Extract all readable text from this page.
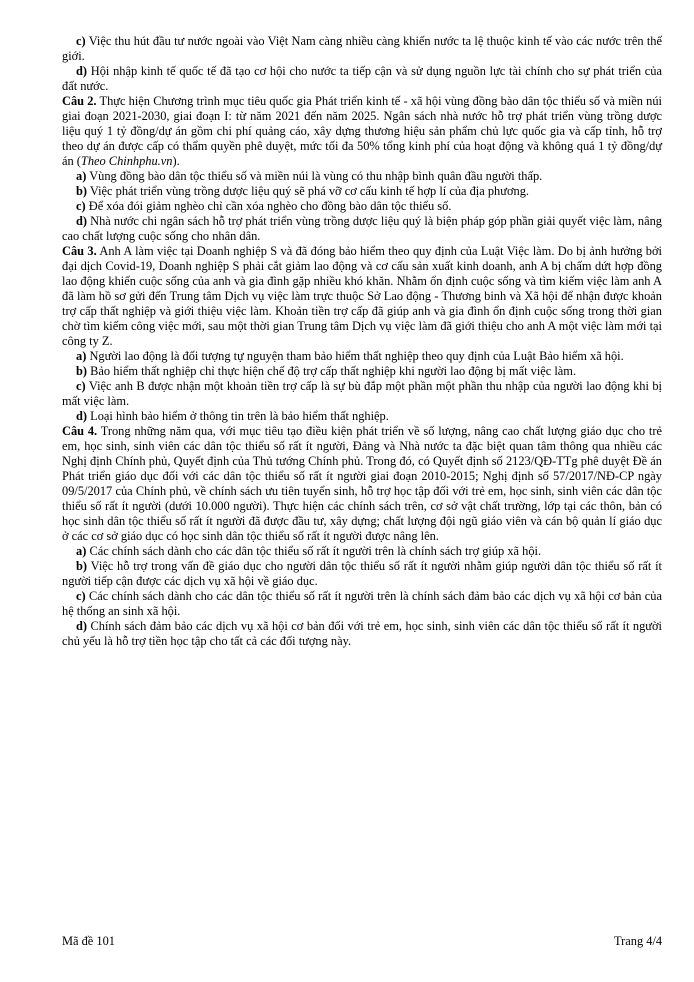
c) Việc thu hút đầu tư nước ngoài vào Việt Nam càng nhiều càng khiến nước ta lệ thuộc kinh tế vào các nước trên thế giới.

d) Hội nhập kinh tế quốc tế đã tạo cơ hội cho nước ta tiếp cận và sử dụng nguồn lực tài chính cho sự phát triển của đất nước.

Câu 2. Thực hiện Chương trình mục tiêu quốc gia Phát triển kinh tế - xã hội vùng đồng bào dân tộc thiểu số và miền núi giai đoạn 2021-2030, giai đoạn I: từ năm 2021 đến năm 2025. Ngân sách nhà nước hỗ trợ phát triển vùng trồng dược liệu quý 1 tỷ đồng/dự án gồm chi phí quảng cáo, xây dựng thương hiệu sản phẩm chủ lực quốc gia và cấp tỉnh, hỗ trợ theo dự án được cấp có thẩm quyền phê duyệt, mức tối đa 50% tổng kinh phí của hoạt động và không quá 1 tỷ đồng/dự án (Theo Chinhphu.vn).

a) Vùng đồng bào dân tộc thiểu số và miền núi là vùng có thu nhập bình quân đầu người thấp.

b) Việc phát triển vùng trồng dược liệu quý sẽ phá vỡ cơ cấu kinh tế hợp lí của địa phương.

c) Để xóa đói giảm nghèo chỉ cần xóa nghèo cho đồng bào dân tộc thiểu số.

d) Nhà nước chi ngân sách hỗ trợ phát triển vùng trồng dược liệu quý là biện pháp góp phần giải quyết việc làm, nâng cao chất lượng cuộc sống cho nhân dân.

Câu 3. Anh A làm việc tại Doanh nghiệp S và đã đóng bảo hiểm theo quy định của Luật Việc làm. Do bị ảnh hưởng bởi đại dịch Covid-19, Doanh nghiệp S phải cắt giảm lao động và cơ cấu sản xuất kinh doanh, anh A bị chấm dứt hợp đồng lao động khiến cuộc sống của anh và gia đình gặp nhiều khó khăn. Nhằm ổn định cuộc sống và tìm kiếm việc làm anh A đã làm hồ sơ gửi đến Trung tâm Dịch vụ việc làm trực thuộc Sở Lao động - Thương binh và Xã hội để nhận được khoản trợ cấp thất nghiệp và giới thiệu việc làm. Khoản tiền trợ cấp đã giúp anh và gia đình ổn định cuộc sống trong thời gian chờ tìm kiếm công việc mới, sau một thời gian Trung tâm Dịch vụ việc làm đã giới thiệu cho anh A một việc làm mới tại công ty Z.

a) Người lao động là đối tượng tự nguyện tham bảo hiểm thất nghiệp theo quy định của Luật Bảo hiểm xã hội.

b) Bảo hiểm thất nghiệp chỉ thực hiện chế độ trợ cấp thất nghiệp khi người lao động bị mất việc làm.

c) Việc anh B được nhận một khoản tiền trợ cấp là sự bù đắp một phần một phần thu nhập của người lao động khi bị mất việc làm.

d) Loại hình bảo hiểm ở thông tin trên là bảo hiểm thất nghiệp.

Câu 4. Trong những năm qua, với mục tiêu tạo điều kiện phát triển về số lượng, nâng cao chất lượng giáo dục cho trẻ em, học sinh, sinh viên các dân tộc thiểu số rất ít người, Đảng và Nhà nước ta đặc biệt quan tâm thông qua nhiều các Nghị định Chính phủ, Quyết định của Thủ tướng Chính phủ. Trong đó, có Quyết định số 2123/QĐ-TTg phê duyệt Đề án Phát triển giáo dục đối với các dân tộc thiểu số rất ít người giai đoạn 2010-2015; Nghị định số 57/2017/NĐ-CP ngày 09/5/2017 của Chính phủ, về chính sách ưu tiên tuyển sinh, hỗ trợ học tập đối với trẻ em, học sinh, sinh viên các dân tộc thiểu số rất ít người (dưới 10.000 người). Thực hiện các chính sách trên, cơ sở vật chất trường, lớp tại các thôn, bản có học sinh dân tộc thiểu số rất ít người đã được đầu tư, xây dựng; chất lượng đội ngũ giáo viên và cán bộ quản lí giáo dục ở các cơ sở giáo dục có học sinh dân tộc thiểu số rất ít người được nâng lên.

a) Các chính sách dành cho các dân tộc thiểu số rất ít người trên là chính sách trợ giúp xã hội.

b) Việc hỗ trợ trong vấn đề giáo dục cho người dân tộc thiểu số rất ít người nhằm giúp người dân tộc thiểu số rất ít người tiếp cận được các dịch vụ xã hội về giáo dục.

c) Các chính sách dành cho các dân tộc thiểu số rất ít người trên là chính sách đảm bảo các dịch vụ xã hội cơ bản của hệ thống an sinh xã hội.

d) Chính sách đảm bảo các dịch vụ xã hội cơ bản đối với trẻ em, học sinh, sinh viên các dân tộc thiểu số rất ít người chủ yếu là hỗ trợ tiền học tập cho tất cả các đối tượng này.

Mã đề 101	Trang 4/4
